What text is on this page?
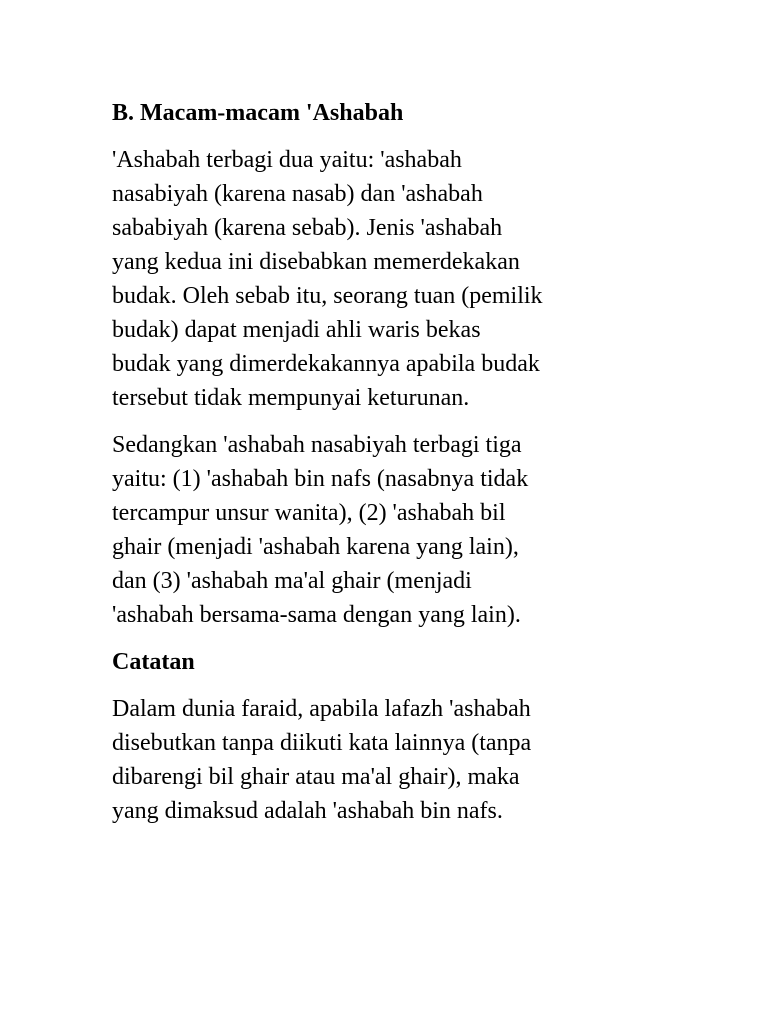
B. Macam-macam 'Ashabah
'Ashabah terbagi dua yaitu: 'ashabah
nasabiyah (karena nasab) dan 'ashabah
sababiyah (karena sebab). Jenis 'ashabah
yang kedua ini disebabkan memerdekakan
budak. Oleh sebab itu, seorang tuan (pemilik
budak) dapat menjadi ahli waris bekas
budak yang dimerdekakannya apabila budak
tersebut tidak mempunyai keturunan.
Sedangkan 'ashabah nasabiyah terbagi tiga
yaitu: (1) 'ashabah bin nafs (nasabnya tidak
tercampur unsur wanita), (2) 'ashabah bil
ghair (menjadi 'ashabah karena yang lain),
dan (3) 'ashabah ma'al ghair (menjadi
'ashabah bersama-sama dengan yang lain).
Catatan
Dalam dunia faraid, apabila lafazh 'ashabah
disebutkan tanpa diikuti kata lainnya (tanpa
dibarengi bil ghair atau ma'al ghair), maka
yang dimaksud adalah 'ashabah bin nafs.
